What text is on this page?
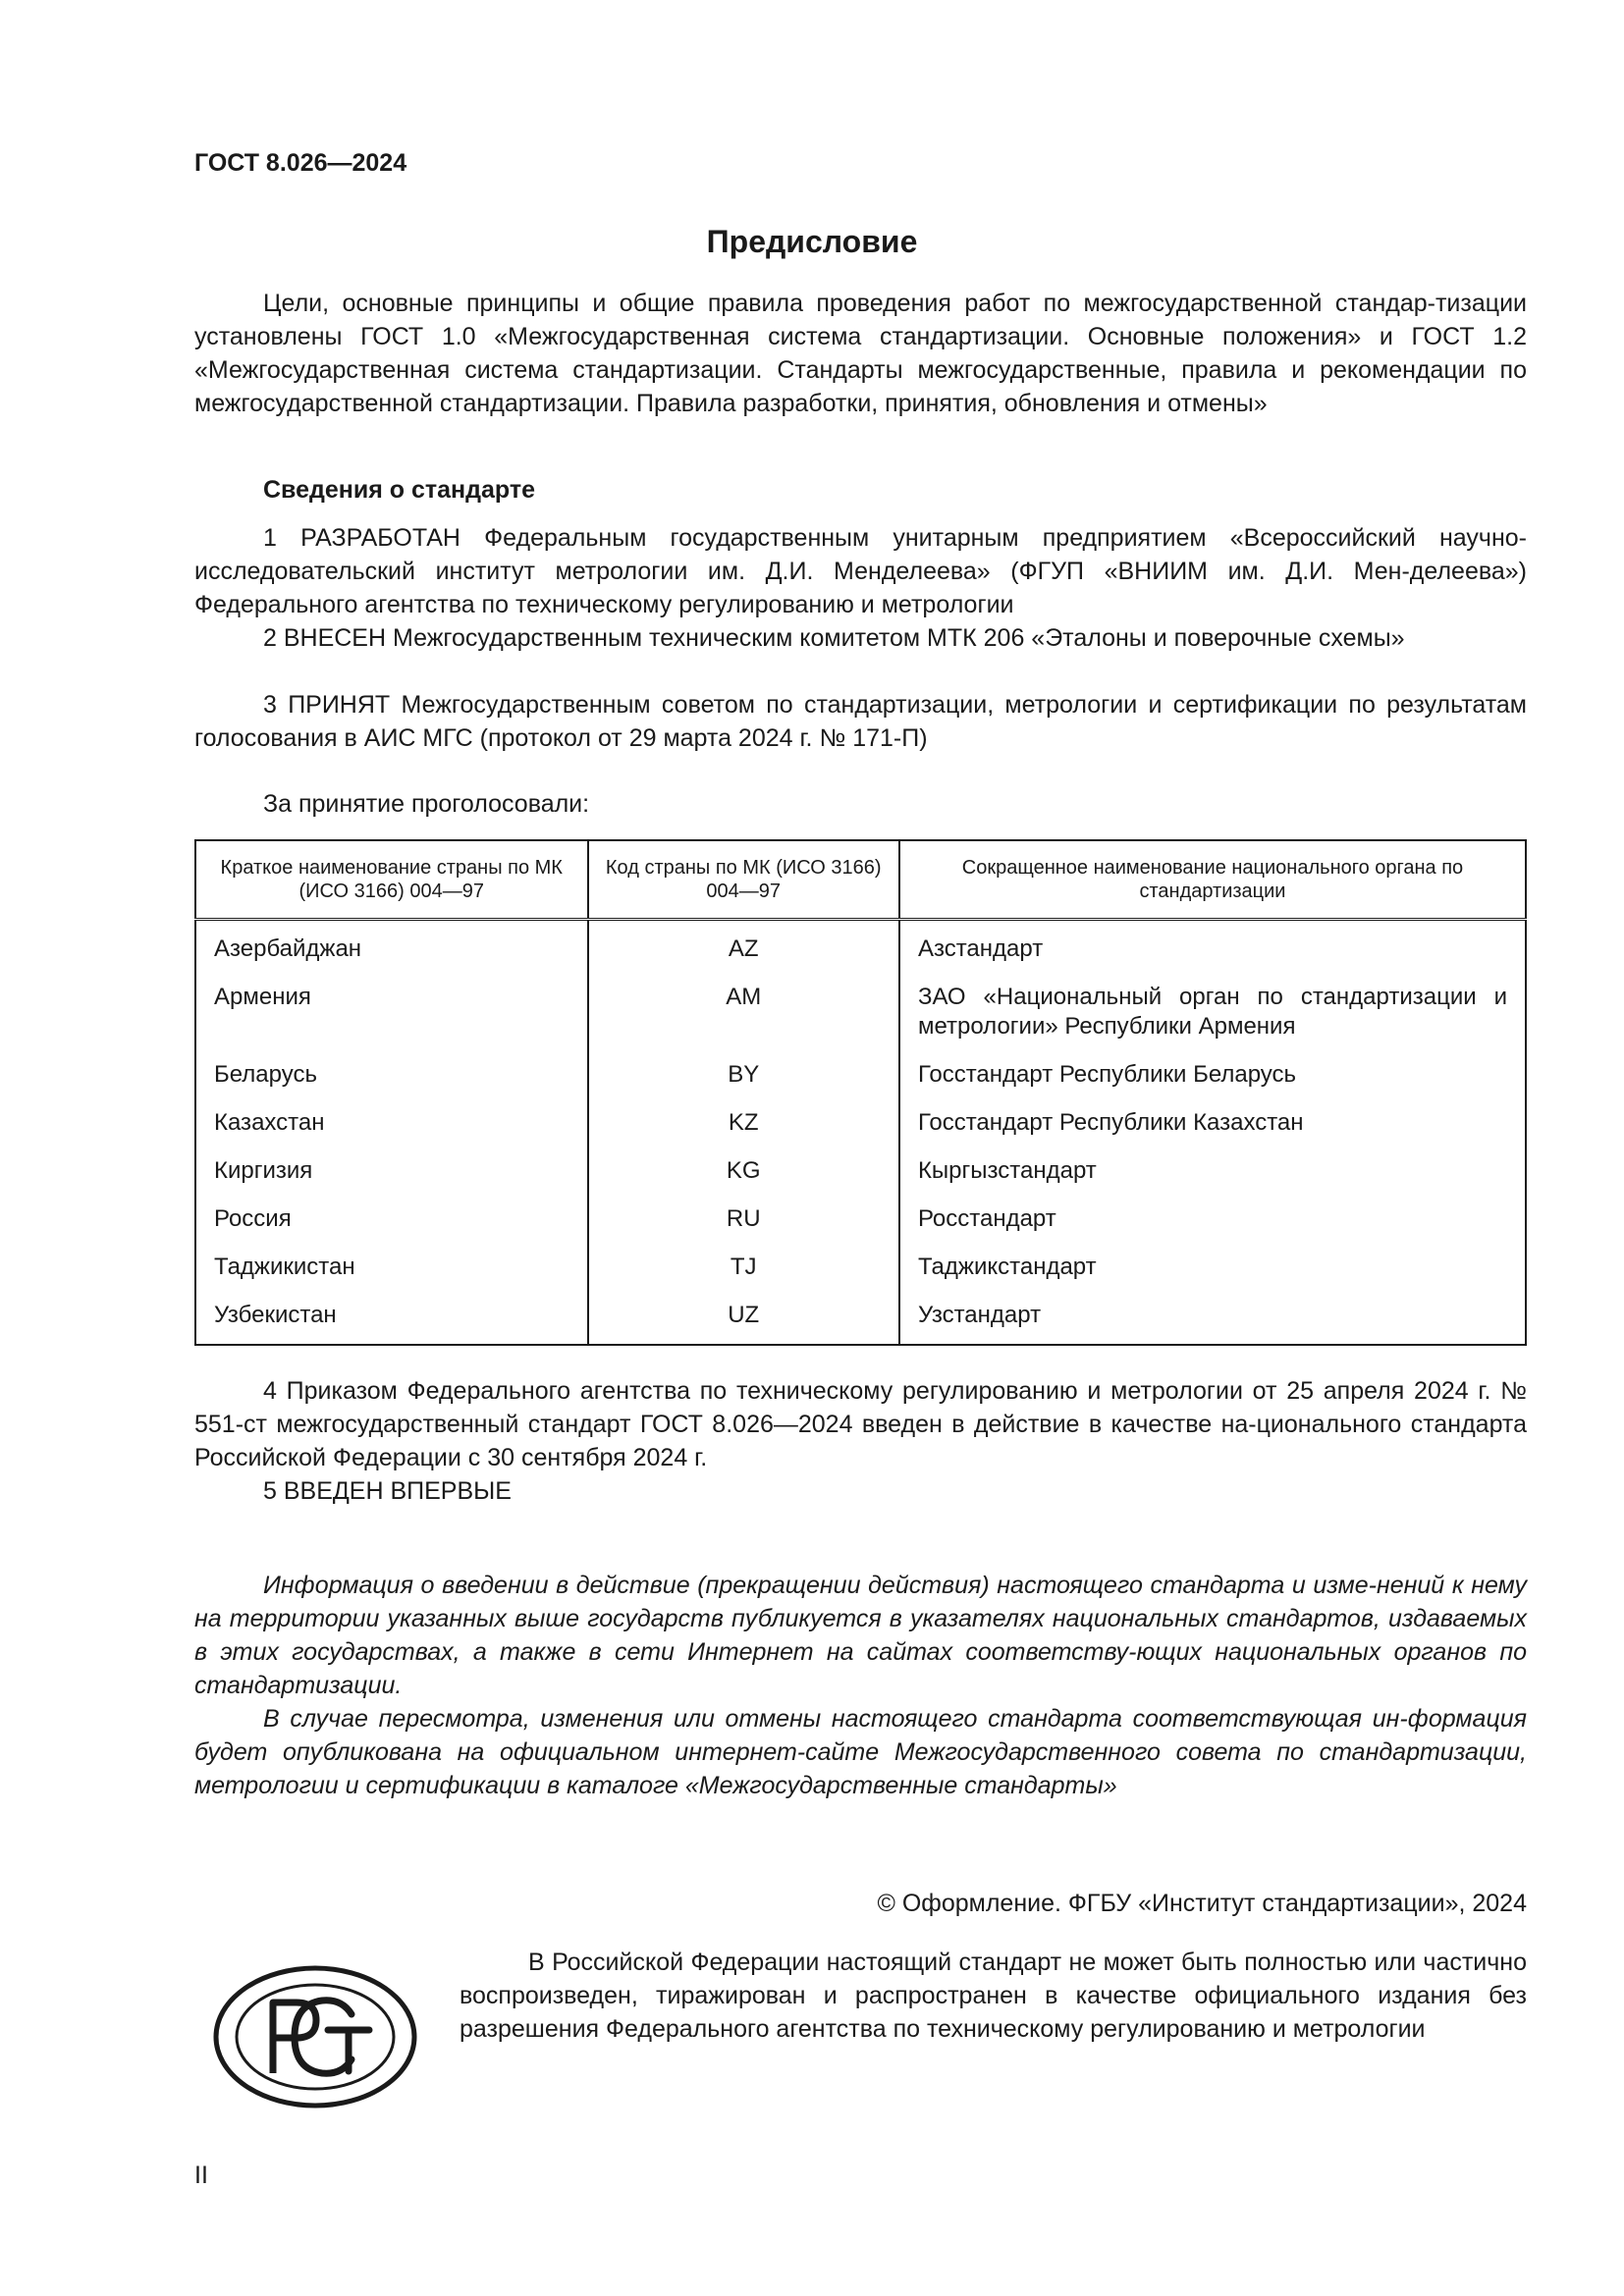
ГОСТ 8.026—2024
Предисловие

Цели, основные принципы и общие правила проведения работ по межгосударственной стандар-тизации установлены ГОСТ 1.0 «Межгосударственная система стандартизации. Основные положения» и ГОСТ 1.2 «Межгосударственная система стандартизации. Стандарты межгосударственные, правила и рекомендации по межгосударственной стандартизации. Правила разработки, принятия, обновления и отмены»

Сведения о стандарте

1 РАЗРАБОТАН Федеральным государственным унитарным предприятием «Всероссийский научно-исследовательский институт метрологии им. Д.И. Менделеева» (ФГУП «ВНИИМ им. Д.И. Мен-делеева») Федерального агентства по техническому регулированию и метрологии

2 ВНЕСЕН Межгосударственным техническим комитетом МТК 206 «Эталоны и поверочные схемы»

3 ПРИНЯТ Межгосударственным советом по стандартизации, метрологии и сертификации по результатам голосования в АИС МГС (протокол от 29 марта 2024 г. № 171-П)

За принятие проголосовали:
Краткое наименование страны по МК (ИСО 3166) 004—97	Код страны по МК (ИСО 3166) 004—97	Сокращенное наименование национального органа по стандартизации
Азербайджан	AZ	Азстандарт
Армения	AM	ЗАО «Национальный орган по стандартизации и метрологии» Республики Армения
Беларусь	BY	Госстандарт Республики Беларусь
Казахстан	KZ	Госстандарт Республики Казахстан
Киргизия	KG	Кыргызстандарт
Россия	RU	Росстандарт
Таджикистан	TJ	Таджикстандарт
Узбекистан	UZ	Узстандарт

4 Приказом Федерального агентства по техническому регулированию и метрологии от 25 апреля 2024 г. № 551-ст межгосударственный стандарт ГОСТ 8.026—2024 введен в действие в качестве на-ционального стандарта Российской Федерации с 30 сентября 2024 г.

5 ВВЕДЕН ВПЕРВЫЕ

Информация о введении в действие (прекращении действия) настоящего стандарта и изме-нений к нему на территории указанных выше государств публикуется в указателях национальных стандартов, издаваемых в этих государствах, а также в сети Интернет на сайтах соответству-ющих национальных органов по стандартизации.

В случае пересмотра, изменения или отмены настоящего стандарта соответствующая ин-формация будет опубликована на официальном интернет-сайте Межгосударственного совета по стандартизации, метрологии и сертификации в каталоге «Межгосударственные стандарты»

© Оформление. ФГБУ «Институт стандартизации», 2024

В Российской Федерации настоящий стандарт не может быть полностью или частично воспроизведен, тиражирован и распространен в качестве официального издания без разрешения Федерального агентства по техническому регулированию и метрологии

II
